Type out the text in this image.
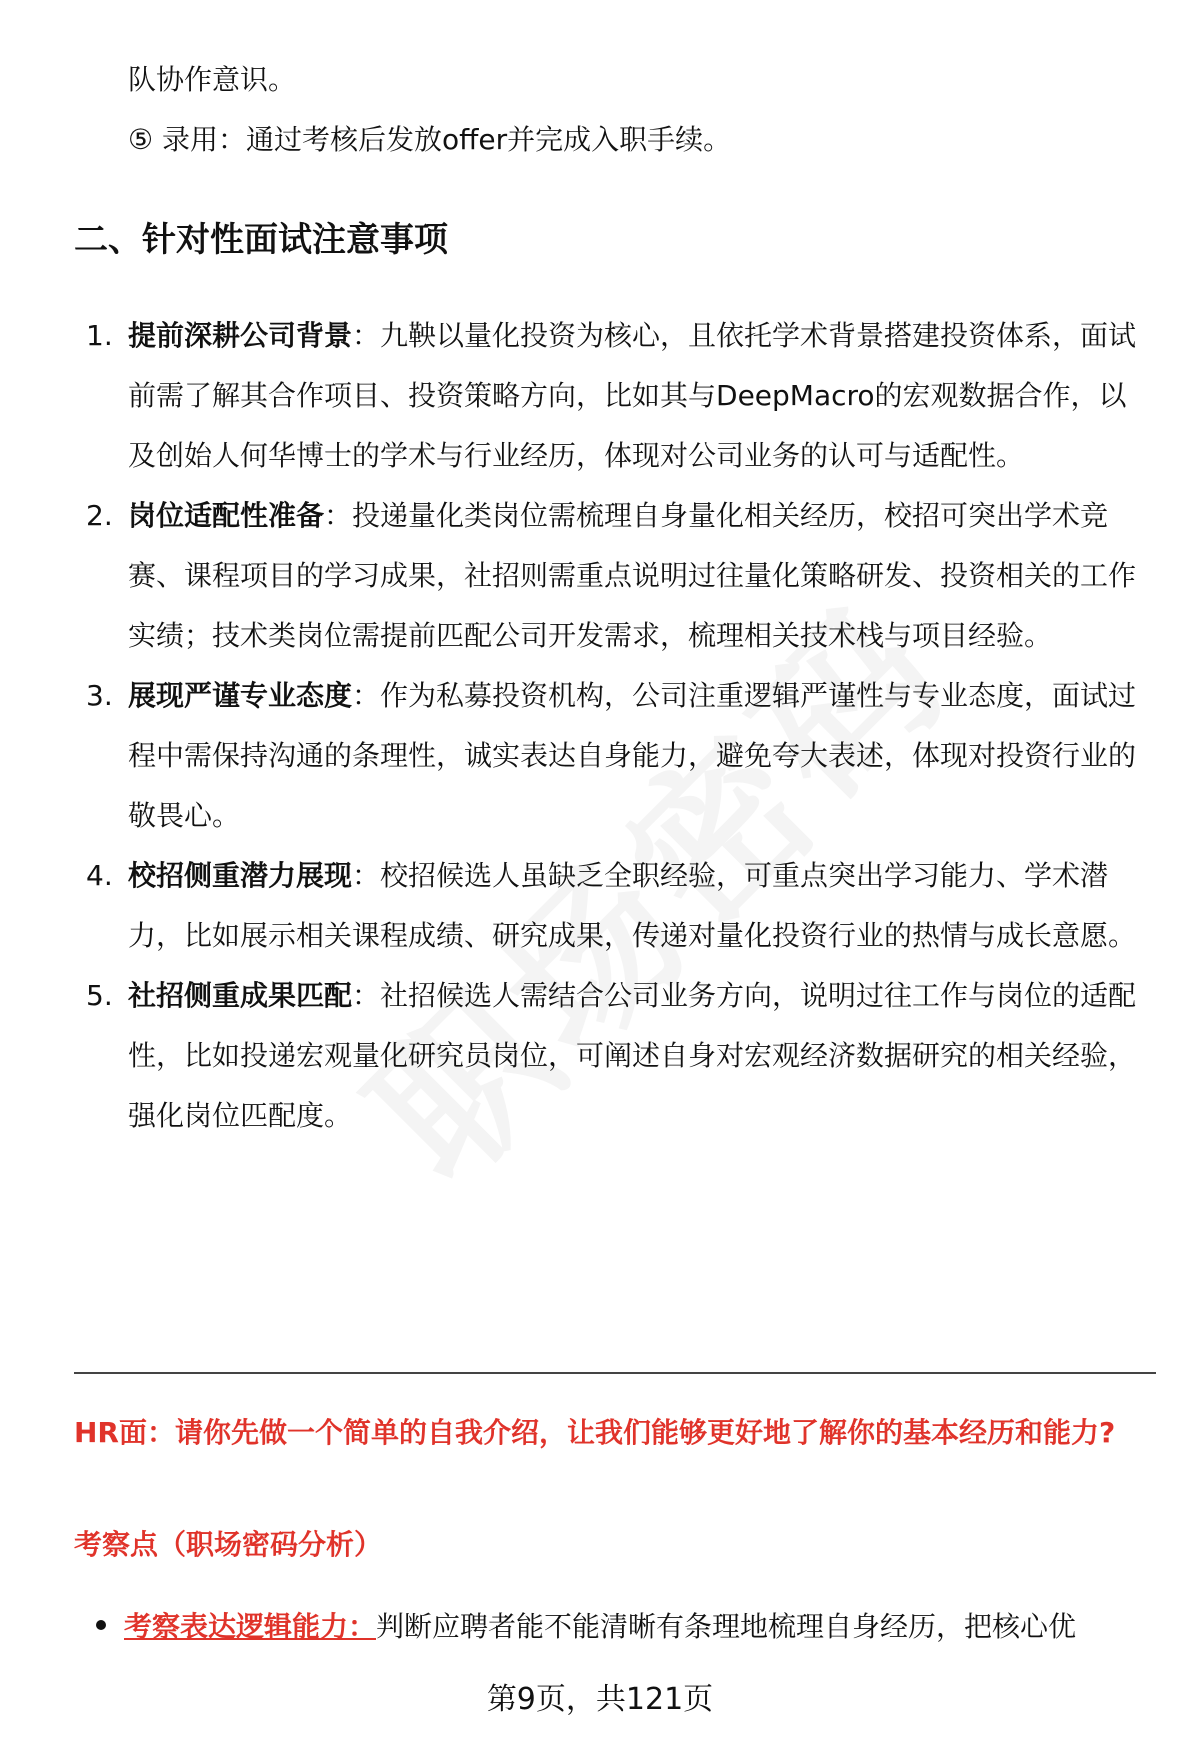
队协作意识。
⑤ 录用：通过考核后发放offer并完成入职手续。
二、针对性面试注意事项
1. 提前深耕公司背景：九鞅以量化投资为核心，且依托学术背景搭建投资体系，面试前需了解其合作项目、投资策略方向，比如其与DeepMacro的宏观数据合作，以及创始人何华博士的学术与行业经历，体现对公司业务的认可与适配性。
2. 岗位适配性准备：投递量化类岗位需梳理自身量化相关经历，校招可突出学术竞赛、课程项目的学习成果，社招则需重点说明过往量化策略研发、投资相关的工作实绩；技术类岗位需提前匹配公司开发需求，梳理相关技术栈与项目经验。
3. 展现严谨专业态度：作为私募投资机构，公司注重逻辑严谨性与专业态度，面试过程中需保持沟通的条理性，诚实表达自身能力，避免夸大表述，体现对投资行业的敬畏心。
4. 校招侧重潜力展现：校招候选人虽缺乏全职经验，可重点突出学习能力、学术潜力，比如展示相关课程成绩、研究成果，传递对量化投资行业的热情与成长意愿。
5. 社招侧重成果匹配：社招候选人需结合公司业务方向，说明过往工作与岗位的适配性，比如投递宏观量化研究员岗位，可阐述自身对宏观经济数据研究的相关经验，强化岗位匹配度。
HR面：请你先做一个简单的自我介绍，让我们能够更好地了解你的基本经历和能力?
考察点（职场密码分析）
考察表达逻辑能力：判断应聘者能不能清晰有条理地梳理自身经历，把核心优
第9页，共121页
